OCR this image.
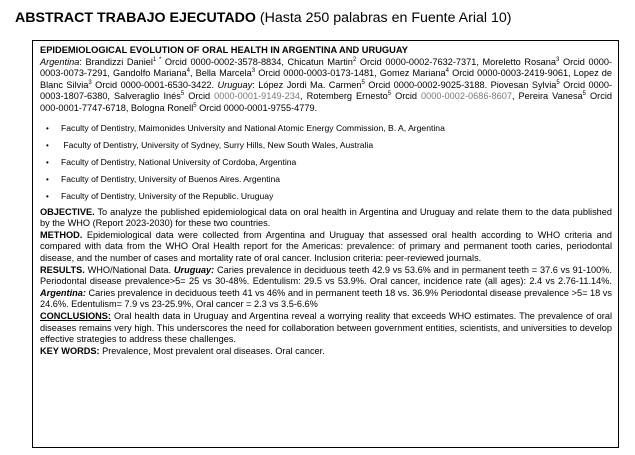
ABSTRACT TRABAJO EJECUTADO (Hasta 250 palabras en Fuente Arial 10)
EPIDEMIOLOGICAL EVOLUTION OF ORAL HEALTH IN ARGENTINA AND URUGUAY
Argentina: Brandizzi Daniel$^{1 *}$ Orcid 0000-0002-3578-8834, Chicatun Martin$^2$ Orcid 0000-0002-7632-7371, Moreletto Rosana$^3$ Orcid 0000-0003-0073-7291, Gandolfo Mariana$^4$, Bella Marcela$^3$ Orcid 0000-0003-0173-1481, Gomez Mariana$^4$ Orcid 0000-0003-2419-9061, Lopez de Blanc Silvia$^3$ Orcid 0000-0001-6530-3422. Uruguay: López Jordi Ma. Carmen$^5$ Orcid 0000-0002-9025-3188. Piovesan Sylvia$^5$ Orcid 0000-0003-1807-6380, Salveraglio Inés$^5$ Orcid 0000-0001-9149-234, Rotemberg Ernesto$^5$ Orcid 0000-0002-0686-8607, Pereira Vanesa$^5$ Orcid 000-0001-7747-6718, Bologna Ronell$^5$ Orcid 0000-0001-9755-4779.
• Faculty of Dentistry, Maimonides University and National Atomic Energy Commission, B. A, Argentina
• Faculty of Dentistry, University of Sydney, Surry Hills, New South Wales, Australia
• Faculty of Dentistry, National University of Cordoba, Argentina
• Faculty of Dentistry, University of Buenos Aires. Argentina
• Faculty of Dentistry, University of the Republic. Uruguay
OBJECTIVE. To analyze the published epidemiological data on oral health in Argentina and Uruguay and relate them to the data published by the WHO (Report 2023-2030) for these two countries.
METHOD. Epidemiological data were collected from Argentina and Uruguay that assessed oral health according to WHO criteria and compared with data from the WHO Oral Health report for the Americas: prevalence: of primary and permanent tooth caries, periodontal disease, and the number of cases and mortality rate of oral cancer. Inclusion criteria: peer-reviewed journals.
RESULTS. WHO/National Data. Uruguay: Caries prevalence in deciduous teeth 42.9 vs 53.6% and in permanent teeth = 37.6 vs 91-100%. Periodontal disease prevalence>5= 25 vs 30-48%. Edentulism: 29.5 vs 53.9%. Oral cancer, incidence rate (all ages): 2.4 vs 2.76-11.14%. Argentina: Caries prevalence in deciduous teeth 41 vs 46% and in permanent teeth 18 vs. 36.9% Periodontal disease prevalence >5= 18 vs 24.6%. Edentulism= 7.9 vs 23-25.9%, Oral cancer = 2.3 vs 3.5-6.6%
CONCLUSIONS: Oral health data in Uruguay and Argentina reveal a worrying reality that exceeds WHO estimates. The prevalence of oral diseases remains very high. This underscores the need for collaboration between government entities, scientists, and universities to develop effective strategies to address these challenges.
KEY WORDS: Prevalence, Most prevalent oral diseases. Oral cancer.
